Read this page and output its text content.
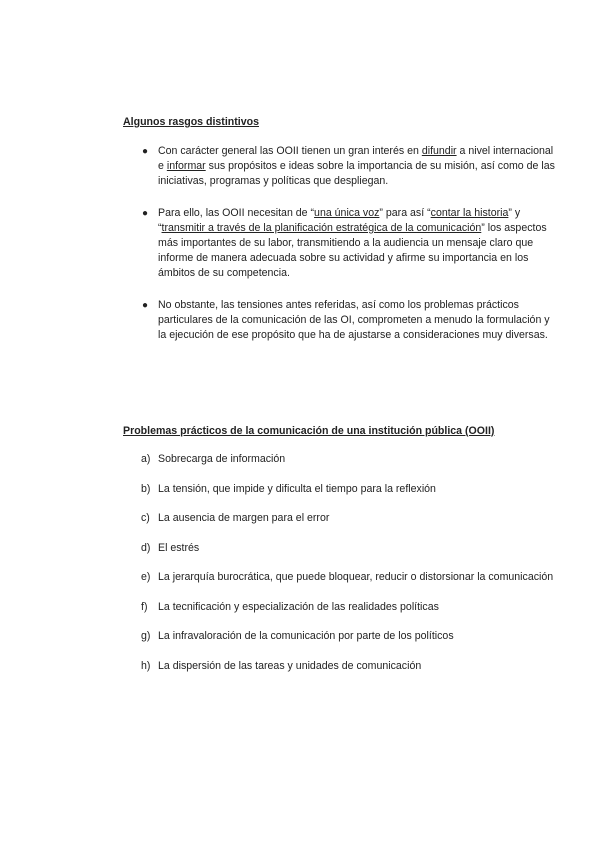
Algunos rasgos distintivos

● Con carácter general las OOII tienen un gran interés en difundir a nivel internacional e informar sus propósitos e ideas sobre la importancia de su misión, así como de las iniciativas, programas y políticas que despliegan.
● Para ello, las OOII necesitan de “una única voz” para así “contar la historia” y “transmitir a través de la planificación estratégica de la comunicación” los aspectos más importantes de su labor, transmitiendo a la audiencia un mensaje claro que informe de manera adecuada sobre su actividad y afirme su importancia en los ámbitos de su competencia.
● No obstante, las tensiones antes referidas, así como los problemas prácticos particulares de la comunicación de las OI, comprometen a menudo la formulación y la ejecución de ese propósito que ha de ajustarse a consideraciones muy diversas.

Problemas prácticos de la comunicación de una institución pública (OOII)

a) Sobrecarga de información
b) La tensión, que impide y dificulta el tiempo para la reflexión
c) La ausencia de margen para el error
d) El estrés
e) La jerarquía burocrática, que puede bloquear, reducir o distorsionar la comunicación
f) La tecnificación y especialización de las realidades políticas
g) La infravaloración de la comunicación por parte de los políticos
h) La dispersión de las tareas y unidades de comunicación
